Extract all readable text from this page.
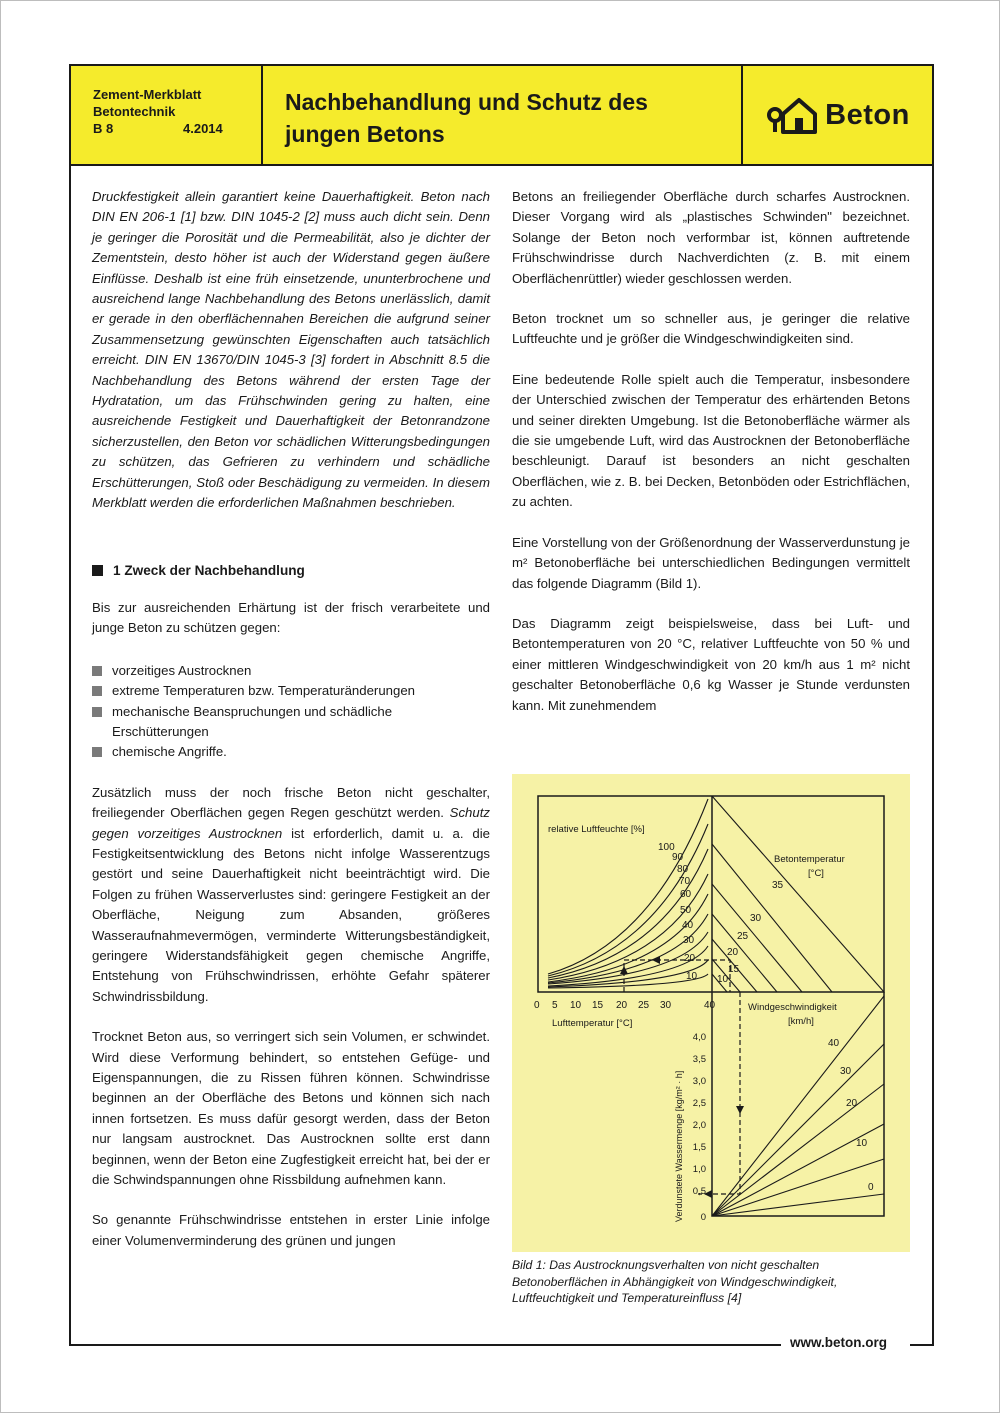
Zement-Merkblatt
Betontechnik
B 8	4.2014
Nachbehandlung und Schutz des
jungen Betons
Beton

Druckfestigkeit allein garantiert keine Dauerhaftigkeit. Beton nach DIN EN 206-1 [1] bzw. DIN 1045-2 [2] muss auch dicht sein. Denn je geringer die Porosität und die Permeabilität, also je dichter der Zementstein, desto höher ist auch der Widerstand gegen äußere Einflüsse. Deshalb ist eine früh einsetzende, ununterbrochene und ausreichend lange Nachbehandlung des Betons unerlässlich, damit er gerade in den oberflächennahen Bereichen die aufgrund seiner Zusammensetzung gewünschten Eigenschaften auch tatsächlich erreicht. DIN EN 13670/DIN 1045-3 [3] fordert in Abschnitt 8.5 die Nachbehandlung des Betons während der ersten Tage der Hydratation, um das Frühschwinden gering zu halten, eine ausreichende Festigkeit und Dauerhaftigkeit der Betonrandzone sicherzustellen, den Beton vor schädlichen Witterungsbedingungen zu schützen, das Gefrieren zu verhindern und schädliche Erschütterungen, Stoß oder Beschädigung zu vermeiden. In diesem Merkblatt werden die erforderlichen Maßnahmen beschrieben.

1 Zweck der Nachbehandlung

Bis zur ausreichenden Erhärtung ist der frisch verarbeitete und junge Beton zu schützen gegen:

vorzeitiges Austrocknen
extreme Temperaturen bzw. Temperaturänderungen
mechanische Beanspruchungen und schädliche Erschütterungen
chemische Angriffe.

Zusätzlich muss der noch frische Beton nicht geschalter, freiliegender Oberflächen gegen Regen geschützt werden. Schutz gegen vorzeitiges Austrocknen ist erforderlich, damit u. a. die Festigkeitsentwicklung des Betons nicht infolge Wasserentzugs gestört und seine Dauerhaftigkeit nicht beeinträchtigt wird. Die Folgen zu frühen Wasserverlustes sind: geringere Festigkeit an der Oberfläche, Neigung zum Absanden, größeres Wasseraufnahmevermögen, verminderte Witterungsbeständigkeit, geringere Widerstandsfähigkeit gegen chemische Angriffe, Entstehung von Frühschwindrissen, erhöhte Gefahr späterer Schwindrissbildung.

Trocknet Beton aus, so verringert sich sein Volumen, er schwindet. Wird diese Verformung behindert, so entstehen Gefüge- und Eigenspannungen, die zu Rissen führen können. Schwindrisse beginnen an der Oberfläche des Betons und können sich nach innen fortsetzen. Es muss dafür gesorgt werden, dass der Beton nur langsam austrocknet. Das Austrocknen sollte erst dann beginnen, wenn der Beton eine Zugfestigkeit erreicht hat, bei der er die Schwindspannungen ohne Rissbildung aufnehmen kann.

So genannte Frühschwindrisse entstehen in erster Linie infolge einer Volumenverminderung des grünen und jungen

Betons an freiliegender Oberfläche durch scharfes Austrocknen. Dieser Vorgang wird als „plastisches Schwinden" bezeichnet. Solange der Beton noch verformbar ist, können auftretende Frühschwindrisse durch Nachverdichten (z. B. mit einem Oberflächenrüttler) wieder geschlossen werden.

Beton trocknet um so schneller aus, je geringer die relative Luftfeuchte und je größer die Windgeschwindigkeiten sind.

Eine bedeutende Rolle spielt auch die Temperatur, insbesondere der Unterschied zwischen der Temperatur des erhärtenden Betons und seiner direkten Umgebung. Ist die Betonoberfläche wärmer als die sie umgebende Luft, wird das Austrocknen der Betonoberfläche beschleunigt. Darauf ist besonders an nicht geschalten Oberflächen, wie z. B. bei Decken, Betonböden oder Estrichflächen, zu achten.

Eine Vorstellung von der Größenordnung der Wasserverdunstung je m² Betonoberfläche bei unterschiedlichen Bedingungen vermittelt das folgende Diagramm (Bild 1).

Das Diagramm zeigt beispielsweise, dass bei Luft- und Betontemperaturen von 20 °C, relativer Luftfeuchte von 50 % und einer mittleren Windgeschwindigkeit von 20 km/h aus 1 m² nicht geschalter Betonoberfläche 0,6 kg Wasser je Stunde verdunsten kann. Mit zunehmendem

relative Luftfeuchte [%]
100
90
80
70
60
50
40
30
20
10
Betontemperatur
[°C]
35
30
25
20
15
10
0 5 10 15 20 25 30	40
Lufttemperatur [°C]
Windgeschwindigkeit
[km/h]
40
30
20
10
0
4,0
3,5
3,0
2,5
2,0
1,5
1,0
0,5
0
Verdunstete Wassermenge [kg/m² · h]
Bild 1: Das Austrocknungsverhalten von nicht geschalten Betonoberflächen in Abhängigkeit von Windgeschwindigkeit, Luftfeuchtigkeit und Temperatureinfluss [4]
www.beton.org
